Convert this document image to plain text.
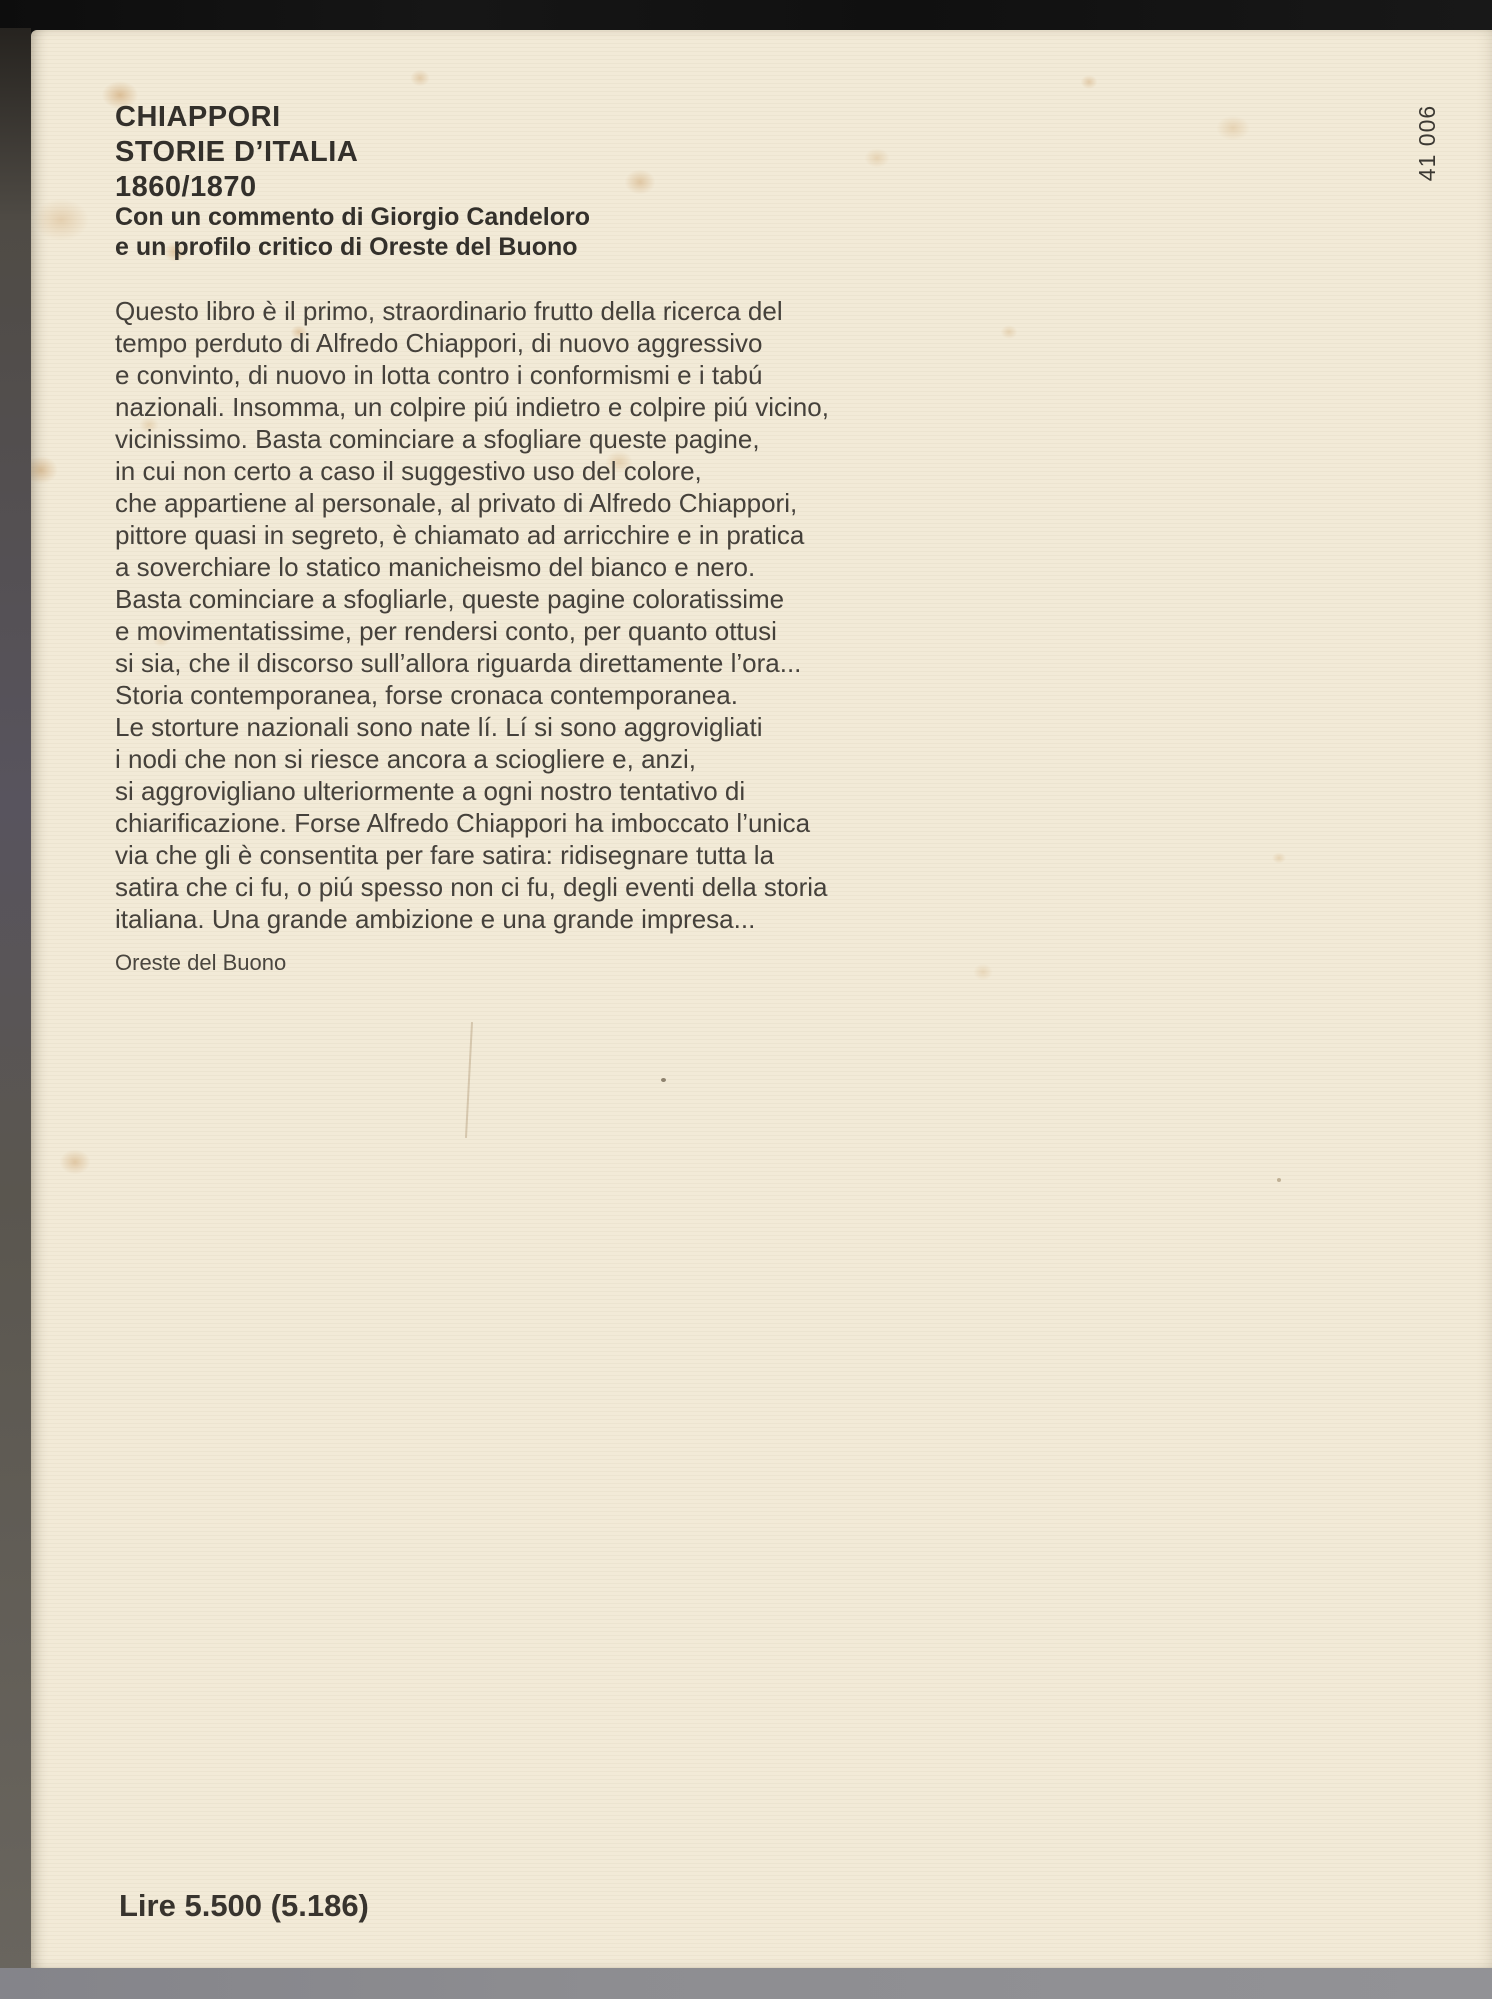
CHIAPPORI
STORIE D’ITALIA
1860/1870
Con un commento di Giorgio Candeloro
e un profilo critico di Oreste del Buono
Questo libro è il primo, straordinario frutto della ricerca del
tempo perduto di Alfredo Chiappori, di nuovo aggressivo
e convinto, di nuovo in lotta contro i conformismi e i tabú
nazionali. Insomma, un colpire piú indietro e colpire piú vicino,
vicinissimo. Basta cominciare a sfogliare queste pagine,
in cui non certo a caso il suggestivo uso del colore,
che appartiene al personale, al privato di Alfredo Chiappori,
pittore quasi in segreto, è chiamato ad arricchire e in pratica
a soverchiare lo statico manicheismo del bianco e nero.
Basta cominciare a sfogliarle, queste pagine coloratissime
e movimentatissime, per rendersi conto, per quanto ottusi
si sia, che il discorso sull’allora riguarda direttamente l’ora...
Storia contemporanea, forse cronaca contemporanea.
Le storture nazionali sono nate lí. Lí si sono aggrovigliati
i nodi che non si riesce ancora a sciogliere e, anzi,
si aggrovigliano ulteriormente a ogni nostro tentativo di
chiarificazione. Forse Alfredo Chiappori ha imboccato l’unica
via che gli è consentita per fare satira: ridisegnare tutta la
satira che ci fu, o piú spesso non ci fu, degli eventi della storia
italiana. Una grande ambizione e una grande impresa...
Oreste del Buono
41 006
Lire 5.500 (5.186)
